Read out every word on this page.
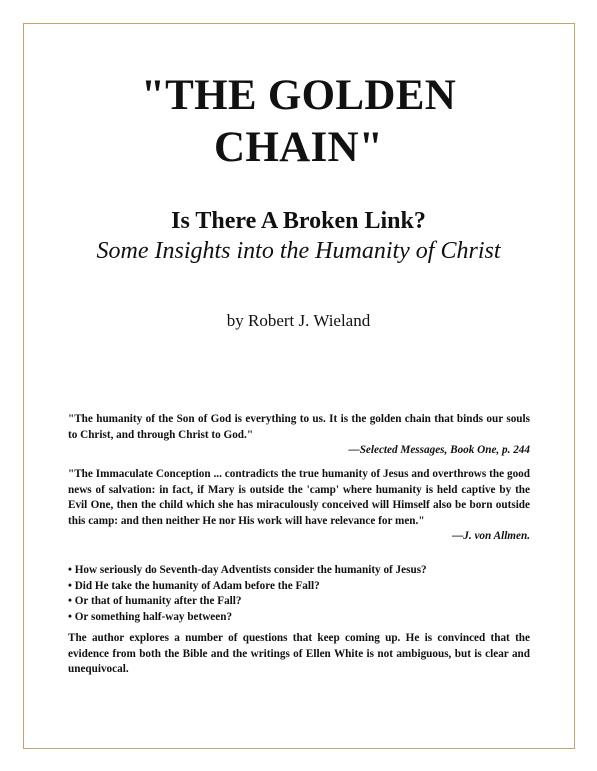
"THE GOLDEN
CHAIN"
Is There A Broken Link?
Some Insights into the Humanity of Christ
by Robert J. Wieland
"The humanity of the Son of God is everything to us. It is the golden chain that binds our souls to Christ, and through Christ to God."
—Selected Messages, Book One, p. 244
"The Immaculate Conception ... contradicts the true humanity of Jesus and overthrows the good news of salvation: in fact, if Mary is outside the 'camp' where humanity is held captive by the Evil One, then the child which she has miraculously conceived will Himself also be born outside this camp: and then neither He nor His work will have relevance for men."
—J. von Allmen.
• How seriously do Seventh-day Adventists consider the humanity of Jesus?
• Did He take the humanity of Adam before the Fall?
• Or that of humanity after the Fall?
• Or something half-way between?
The author explores a number of questions that keep coming up. He is convinced that the evidence from both the Bible and the writings of Ellen White is not ambiguous, but is clear and unequivocal.
